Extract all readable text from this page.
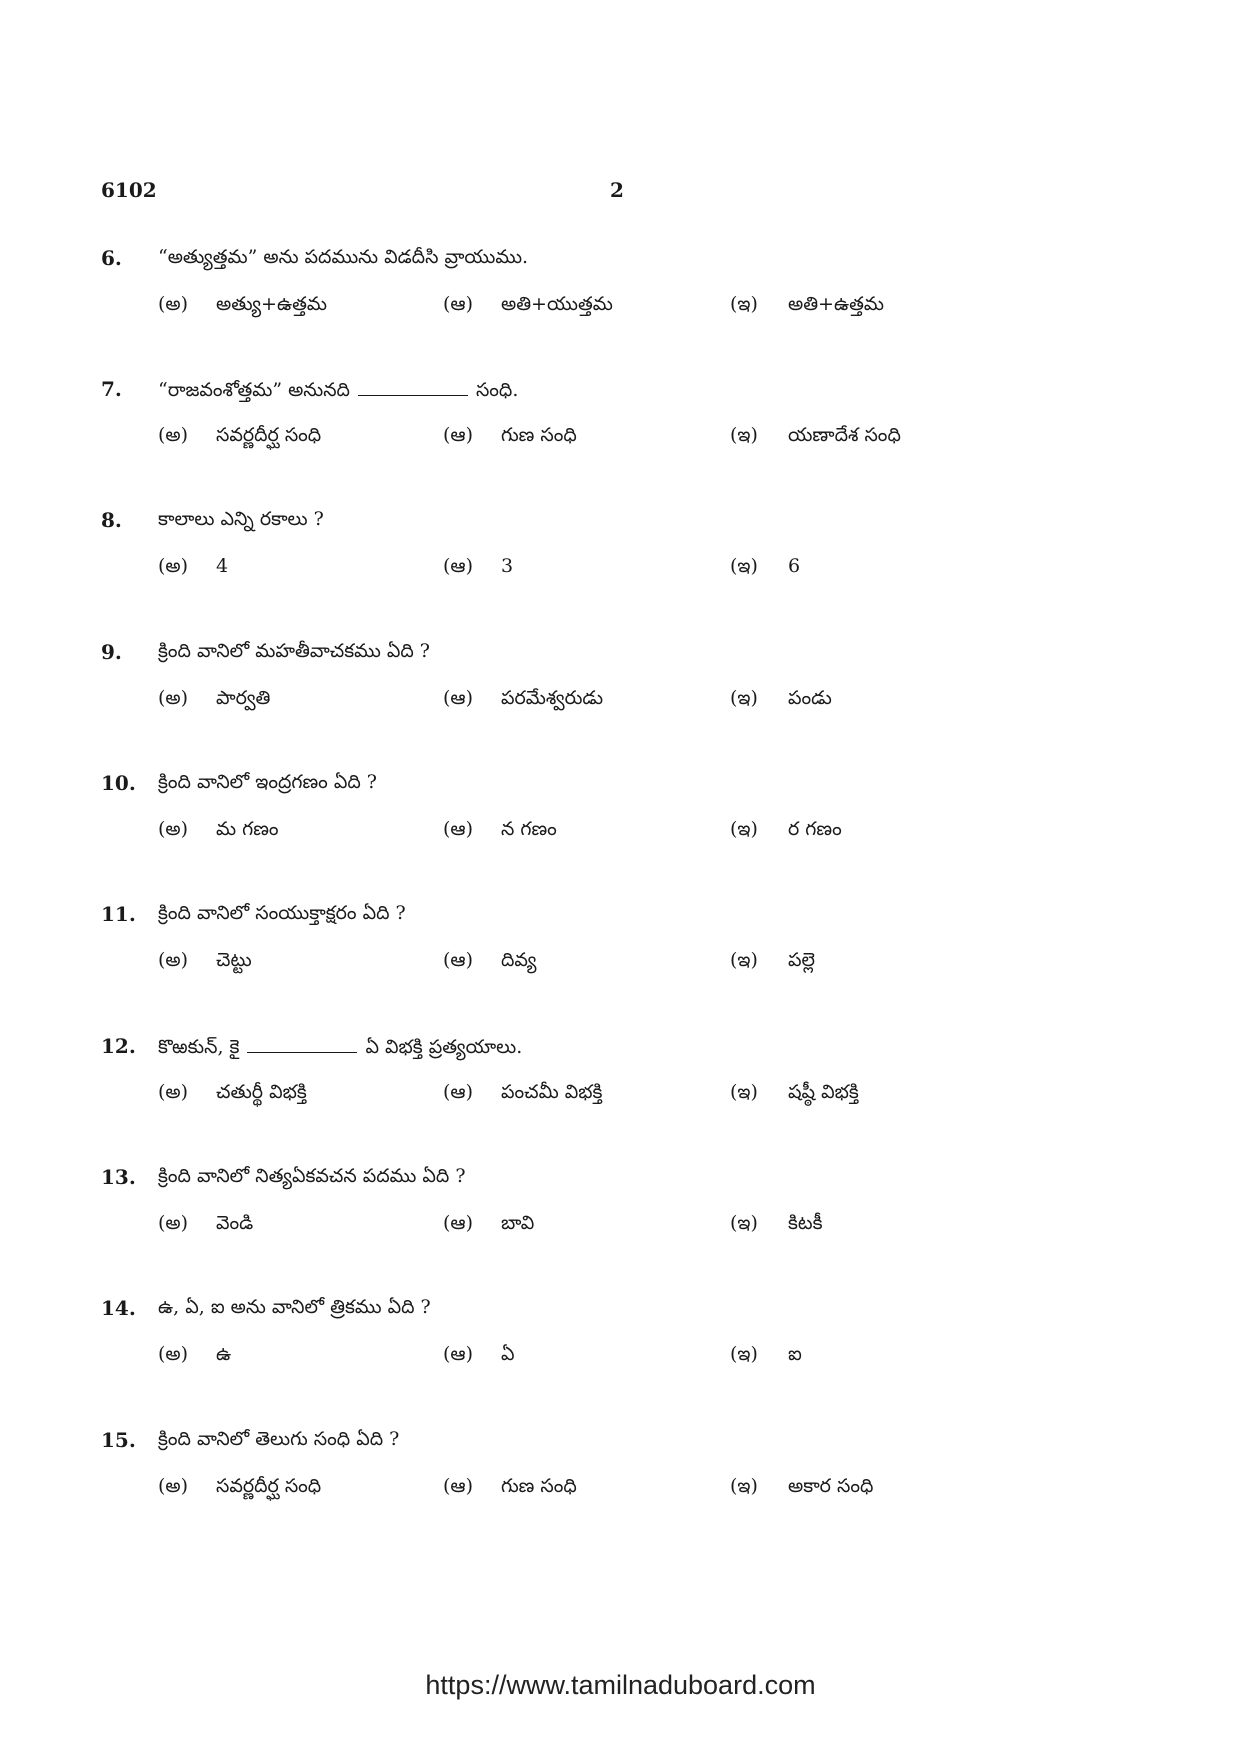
6102	2
6. “అత్యుత్తమ” అను పదమును విడదీసి వ్రాయుము.
(అ) అత్యు+ఉత్తమ	(ఆ) అతి+యుత్తమ	(ఇ) అతి+ఉత్తమ
7. “రాజవంశోత్తమ” అనునది	సంధి.
(అ) సవర్ణదీర్ఘ సంధి	(ఆ) గుణ సంధి	(ఇ) యణాదేశ సంధి
8. కాలాలు ఎన్ని రకాలు ?
(అ) 4	(ఆ) 3	(ఇ) 6
9. క్రింది వానిలో మహతీవాచకము ఏది ?
(అ) పార్వతి	(ఆ) పరమేశ్వరుడు	(ఇ) పండు
10. క్రింది వానిలో ఇంద్రగణం ఏది ?
(అ) మ గణం	(ఆ) న గణం	(ఇ) ర గణం
11. క్రింది వానిలో సంయుక్తాక్షరం ఏది ?
(అ) చెట్టు	(ఆ) దివ్య	(ఇ) పల్లె
12. కొఱకున్, కై	ఏ విభక్తి ప్రత్యయాలు.
(అ) చతుర్థీ విభక్తి	(ఆ) పంచమీ విభక్తి	(ఇ) షష్ఠీ విభక్తి
13. క్రింది వానిలో నిత్యఏకవచన పదము ఏది ?
(అ) వెండి	(ఆ) బావి	(ఇ) కిటకీ
14. ఉ, ఏ, ఐ అను వానిలో త్రికము ఏది ?
(అ) ఉ	(ఆ) ఏ	(ఇ) ఐ
15. క్రింది వానిలో తెలుగు సంధి ఏది ?
(అ) సవర్ణదీర్ఘ సంధి	(ఆ) గుణ సంధి	(ఇ) అకార సంధి
https://www.tamilnaduboard.com
